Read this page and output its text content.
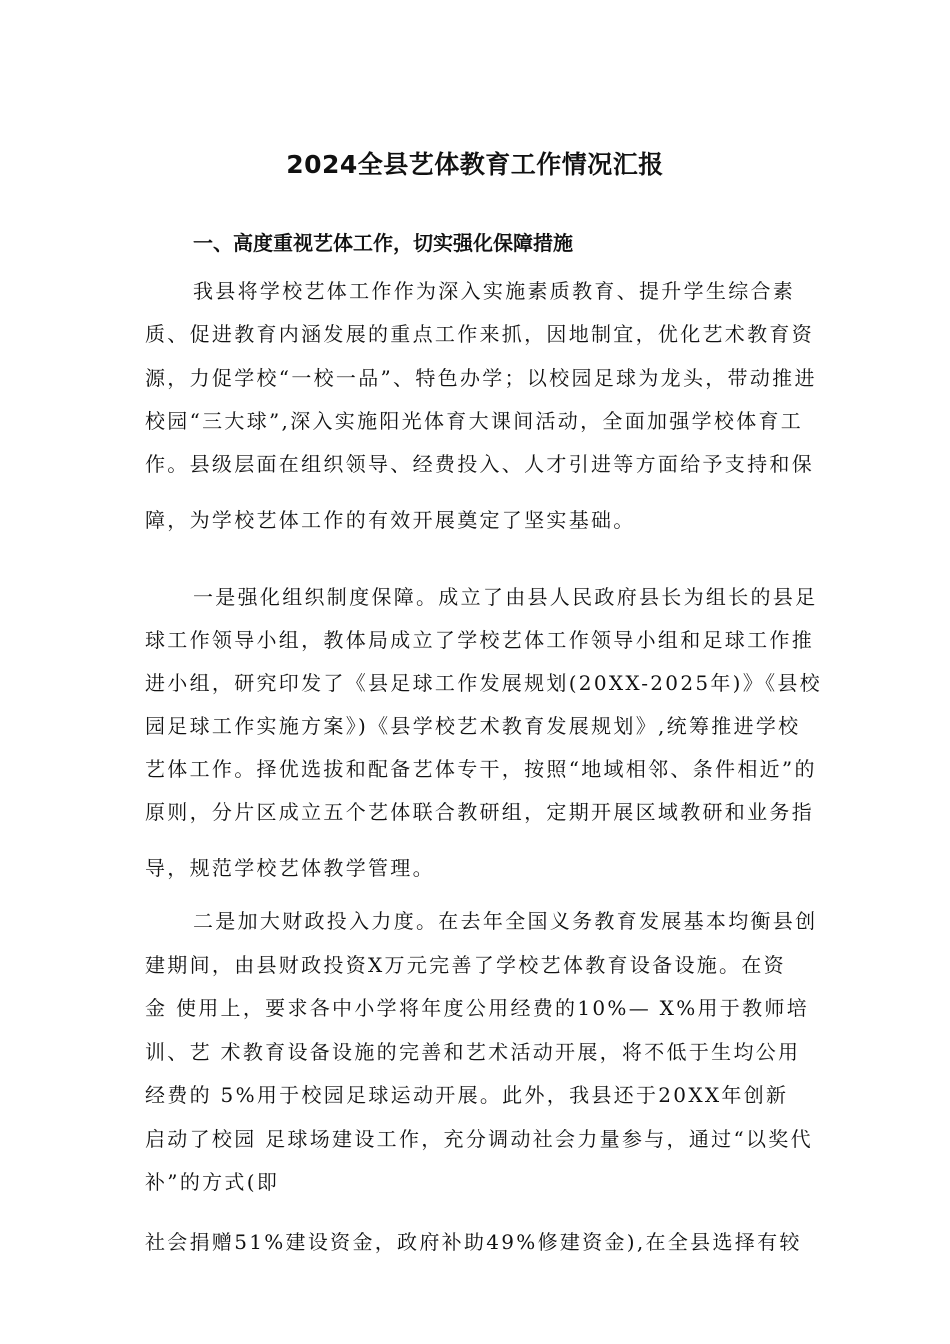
2024全县艺体教育工作情况汇报
一、高度重视艺体工作，切实强化保障措施
我县将学校艺体工作作为深入实施素质教育、提升学生综合素
质、促进教育内涵发展的重点工作来抓，因地制宜，优化艺术教育资
源，力促学校“一校一品”、特色办学；以校园足球为龙头，带动推进
校园“三大球”,深入实施阳光体育大课间活动，全面加强学校体育工
作。县级层面在组织领导、经费投入、人才引进等方面给予支持和保
障，为学校艺体工作的有效开展奠定了坚实基础。
一是强化组织制度保障。成立了由县人民政府县长为组长的县足
球工作领导小组，教体局成立了学校艺体工作领导小组和足球工作推
进小组，研究印发了《县足球工作发展规划(20XX-2025年)》《县校
园足球工作实施方案》)《县学校艺术教育发展规划》,统筹推进学校
艺体工作。择优选拔和配备艺体专干，按照“地域相邻、条件相近”的
原则，分片区成立五个艺体联合教研组，定期开展区域教研和业务指
导，规范学校艺体教学管理。
二是加大财政投入力度。在去年全国义务教育发展基本均衡县创
建期间，由县财政投资X万元完善了学校艺体教育设备设施。在资
金 使用上，要求各中小学将年度公用经费的10%— X%用于教师培
训、艺 术教育设备设施的完善和艺术活动开展，将不低于生均公用
经费的 5%用于校园足球运动开展。此外，我县还于20XX年创新
启动了校园 足球场建设工作，充分调动社会力量参与，通过“以奖代
补”的方式(即
社会捐赠51%建设资金，政府补助49%修建资金),在全县选择有较
